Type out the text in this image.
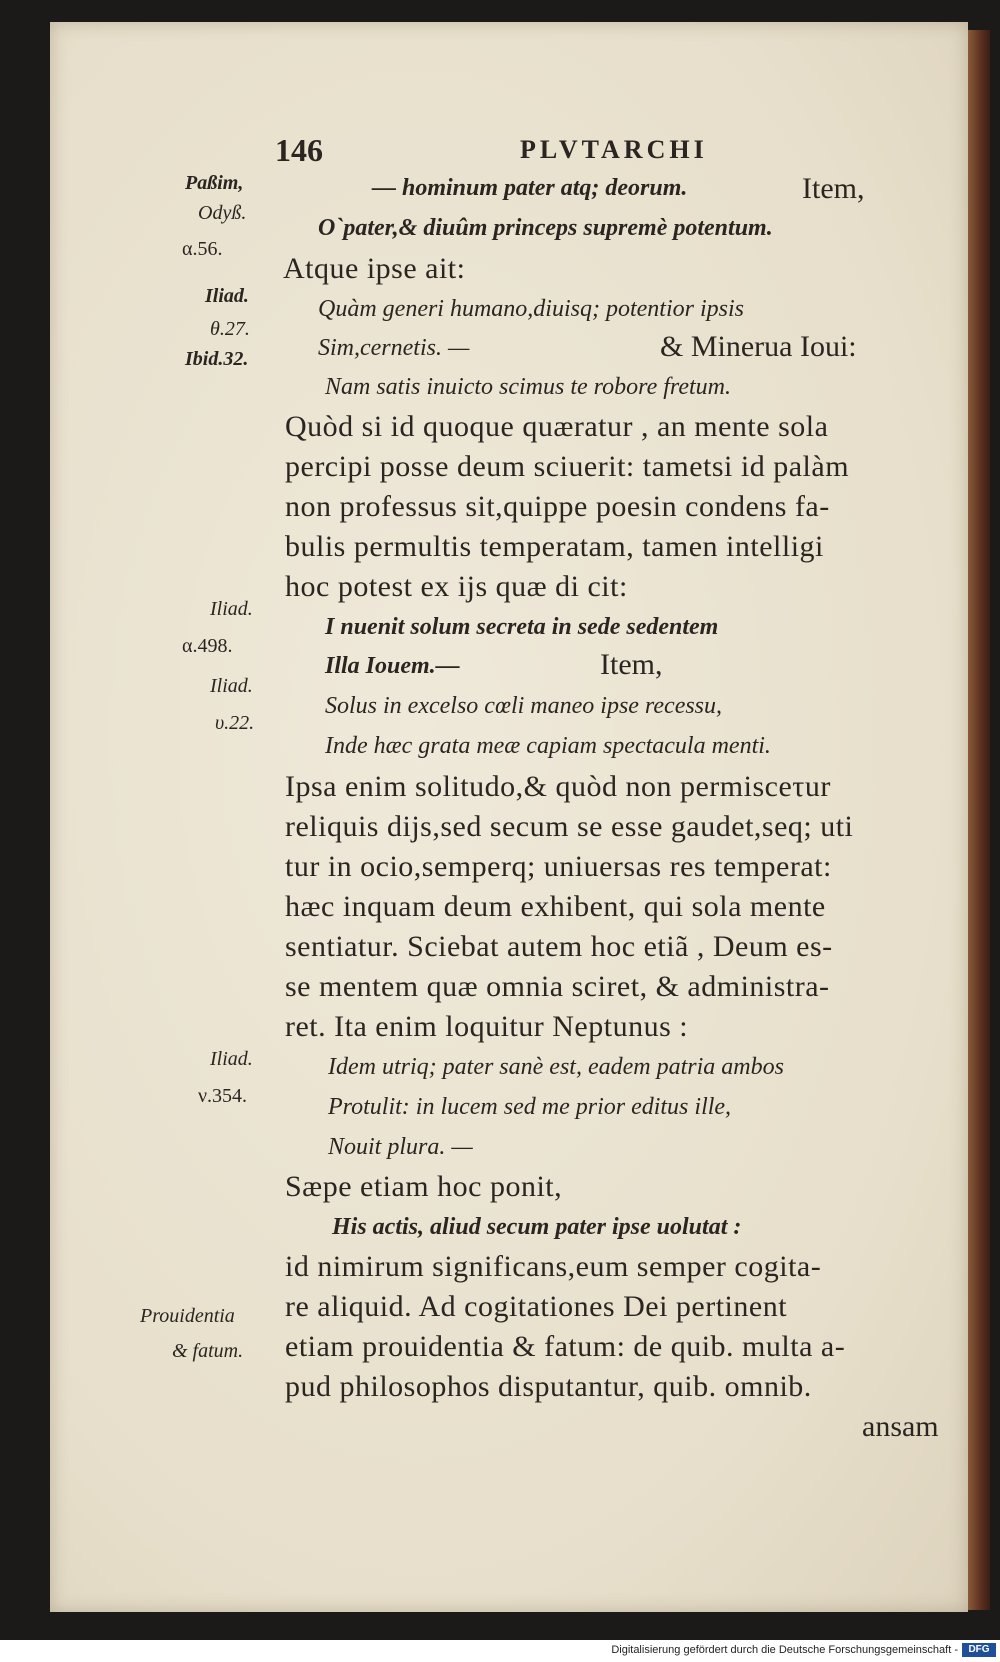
146	PLVTARCHI
Paßim,
Odyß.
α.56.
Iliad.
θ.27.
Ibid.32.
Iliad.
α.498.
Iliad.
υ.22.
Iliad.
ν.354.
Prouidentia
& fatum.
— hominum pater atq; deorum.	Item,
O`pater,& diuûm princeps supremè potentum.
Atque ipse ait:
Quàm generi humano,diuisq; potentior ipsis
Sim,cernetis. —	& Minerua Ioui:
Nam satis inuicto scimus te robore fretum.
Quòd si id quoque quæratur , an mente sola
percipi posse deum sciuerit: tametsi id palàm
non professus sit,quippe poesin condens fa-
bulis permultis temperatam, tamen intelligi
hoc potest ex ijs quæ di cit:
I nuenit solum secreta in sede sedentem
Illa Iouem.—	Item,
Solus in excelso cœli maneo ipse recessu,
Inde hæc grata meæ capiam spectacula menti.
Ipsa enim solitudo,& quòd non permisceτur
reliquis dijs,sed secum se esse gaudet,seq; uti
tur in ocio,semperq; uniuersas res temperat:
hæc inquam deum exhibent, qui sola mente
sentiatur. Sciebat autem hoc etiã , Deum es-
se mentem quæ omnia sciret, & administra-
ret. Ita enim loquitur Neptunus :
Idem utriq; pater sanè est, eadem patria ambos
Protulit: in lucem sed me prior editus ille,
Nouit plura. —
Sæpe etiam hoc ponit,
His actis, aliud secum pater ipse uolutat :
id nimirum significans,eum semper cogita-
re aliquid. Ad cogitationes Dei pertinent
etiam prouidentia & fatum: de quib. multa a-
pud philosophos disputantur, quib. omnib.
ansam
Digitalisierung gefördert durch die Deutsche Forschungsgemeinschaft -	DFG
